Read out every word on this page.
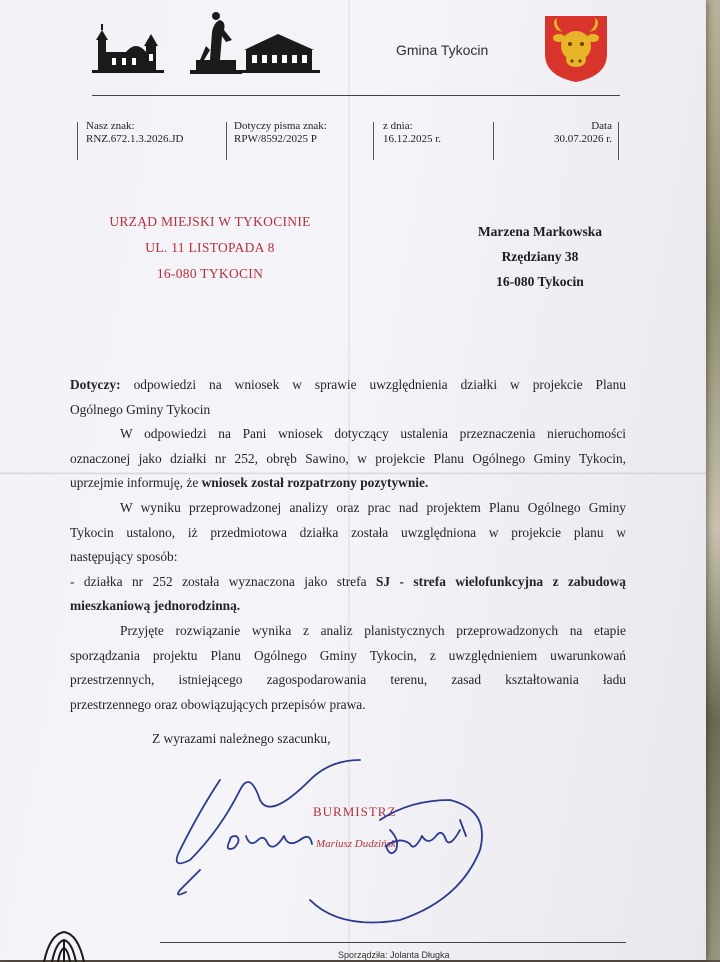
Gmina Tykocin
Nasz znak:
RNZ.672.1.3.2026.JD
Dotyczy pisma znak:
RPW/8592/2025 P
z dnia:
16.12.2025 r.
Data
30.07.2026 r.
URZĄD MIEJSKI W TYKOCINIE
UL. 11 LISTOPADA 8
16-080 TYKOCIN
Marzena Markowska
Rzędziany 38
16-080 Tykocin

Dotyczy: odpowiedzi na wniosek w sprawie uwzględnienia działki w projekcie Planu

Ogólnego Gminy Tykocin

W odpowiedzi na Pani wniosek dotyczący ustalenia przeznaczenia nieruchomości

oznaczonej jako działki nr 252, obręb Sawino, w projekcie Planu Ogólnego Gminy Tykocin,

uprzejmie informuję, że wniosek został rozpatrzony pozytywnie.

W wyniku przeprowadzonej analizy oraz prac nad projektem Planu Ogólnego Gminy

Tykocin ustalono, iż przedmiotowa działka została uwzględniona w projekcie planu w

następujący sposób:

- działka nr 252 została wyznaczona jako strefa SJ - strefa wielofunkcyjna z zabudową

mieszkaniową jednorodzinną.

Przyjęte rozwiązanie wynika z analiz planistycznych przeprowadzonych na etapie

sporządzania projektu Planu Ogólnego Gminy Tykocin, z uwzględnieniem uwarunkowań

przestrzennych, istniejącego zagospodarowania terenu, zasad kształtowania ładu

przestrzennego oraz obowiązujących przepisów prawa.

Z wyrazami należnego szacunku,
BURMISTRZ
Mariusz Dudziński
Sporządziła: Jolanta Długka
